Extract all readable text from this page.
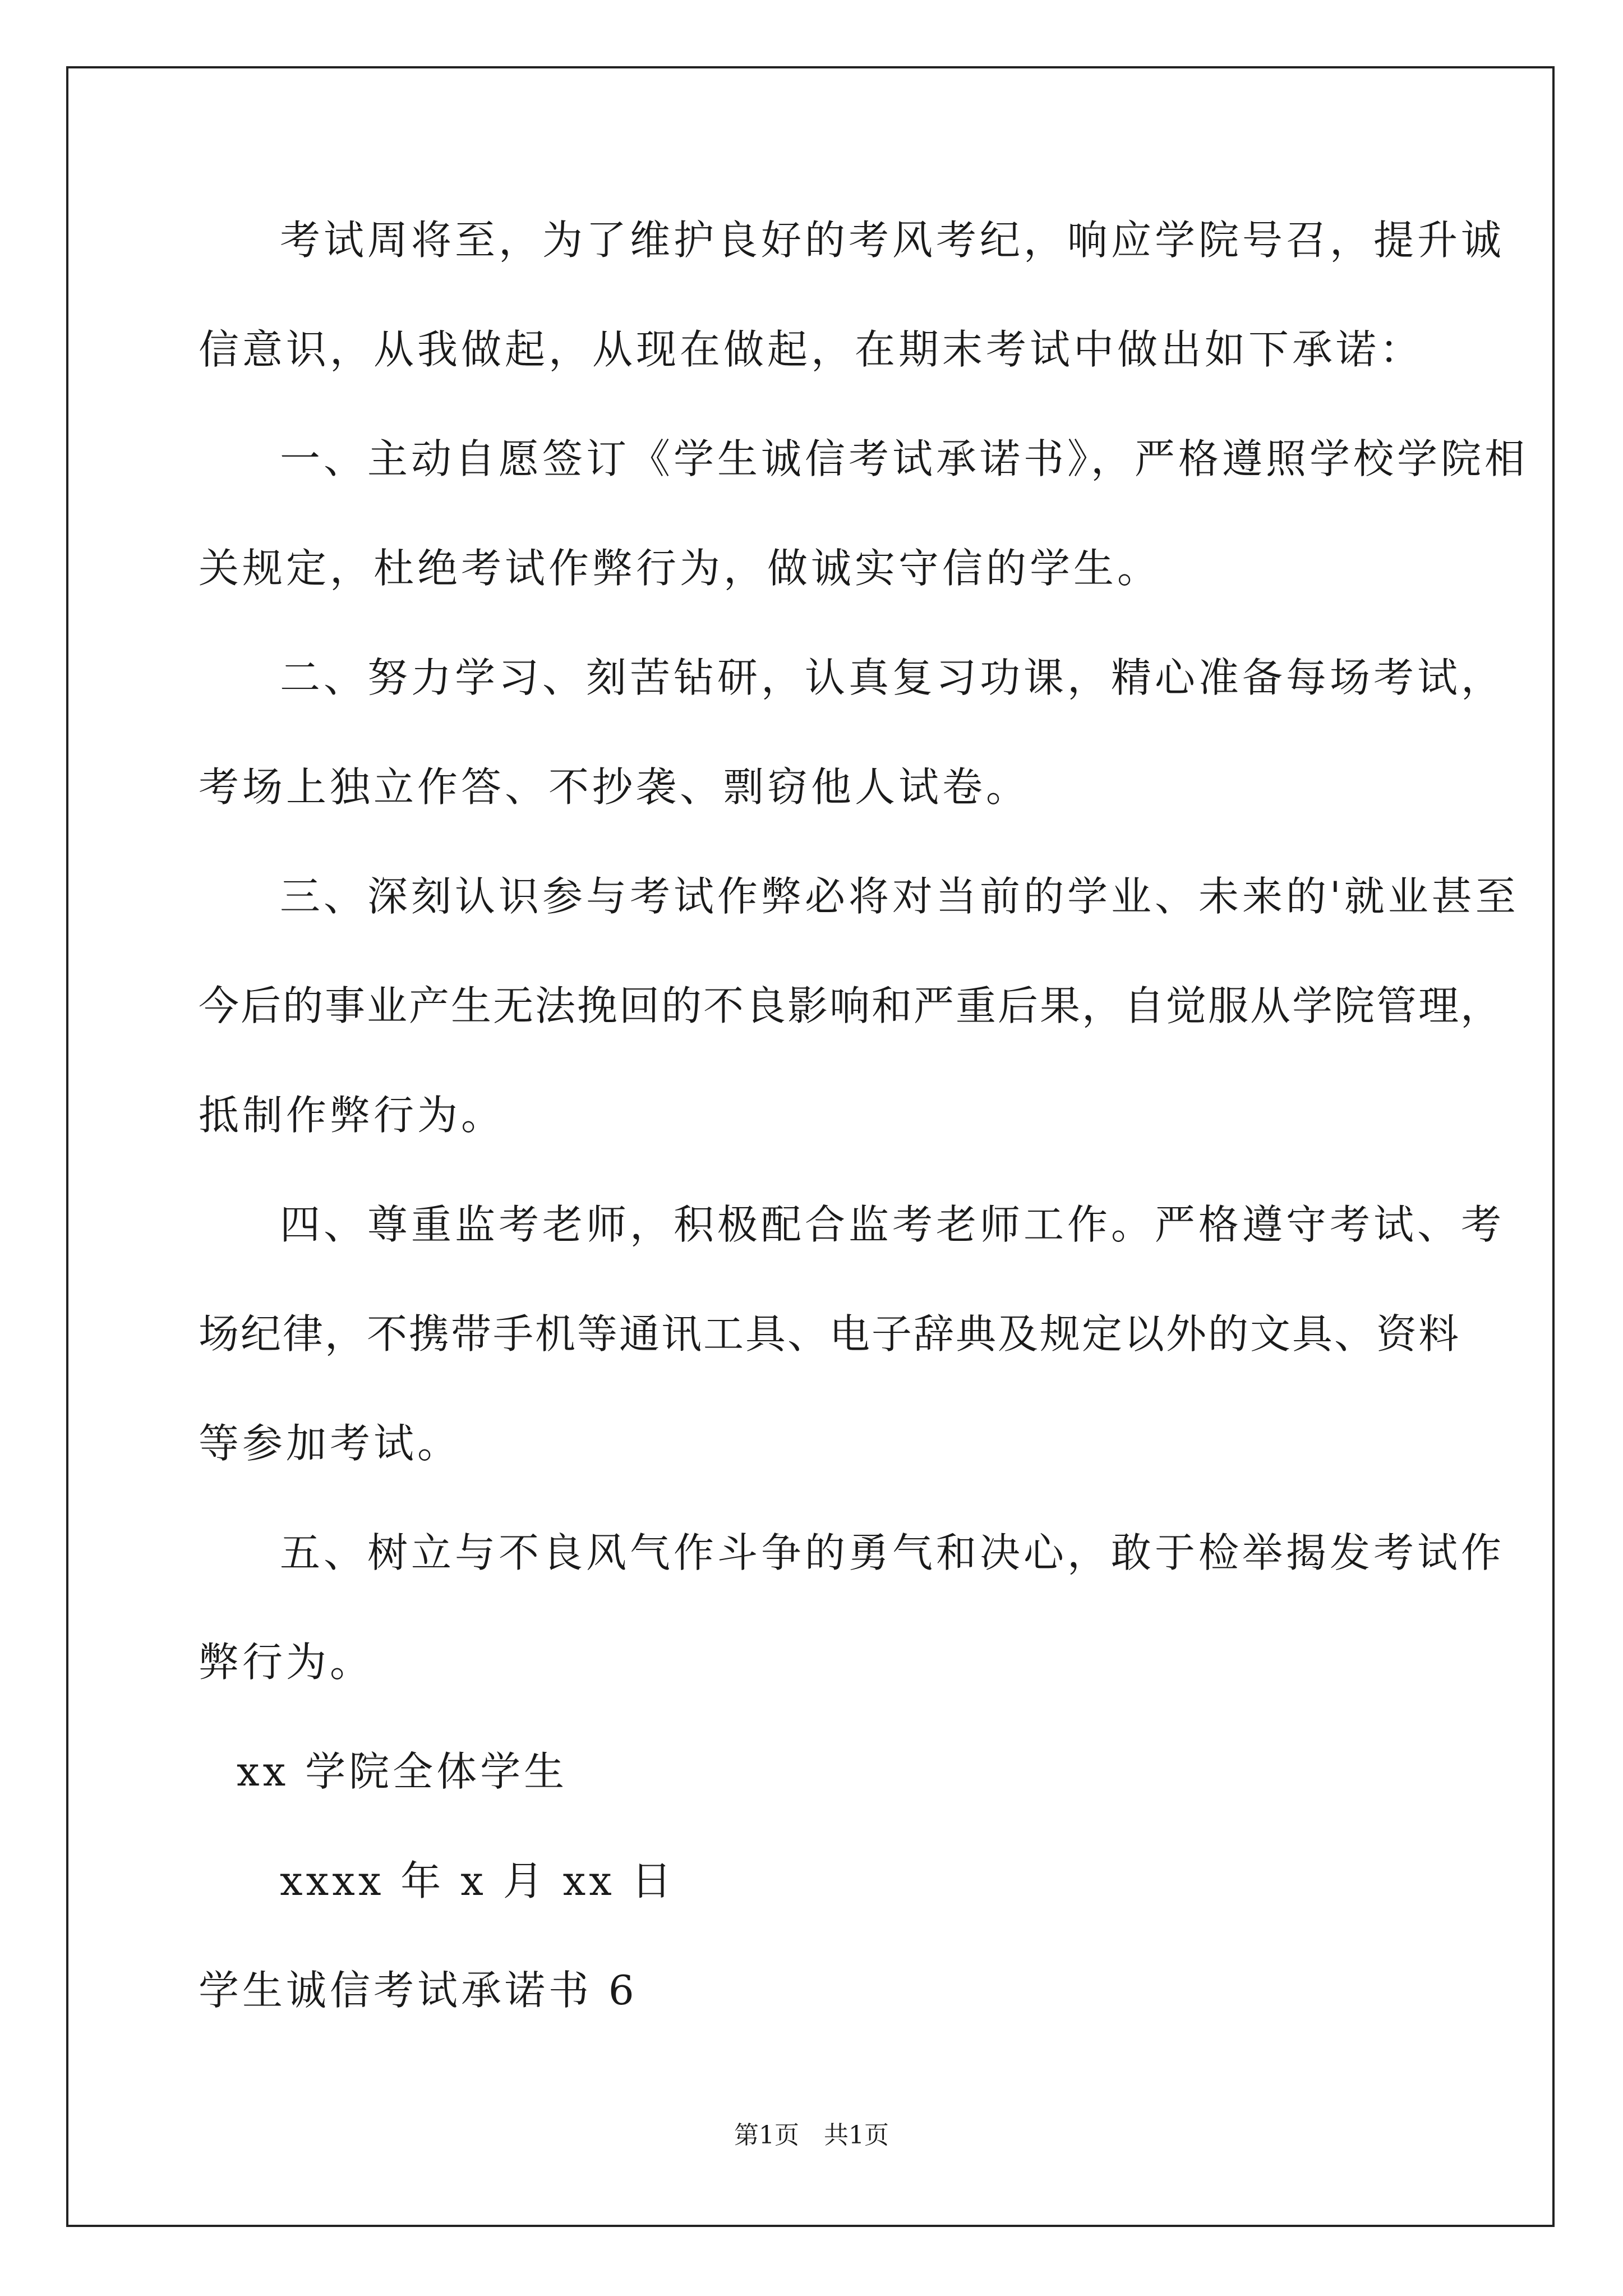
考试周将至，为了维护良好的考风考纪，响应学院号召，提升诚
信意识，从我做起，从现在做起，在期末考试中做出如下承诺：
一、主动自愿签订《学生诚信考试承诺书》，严格遵照学校学院相
关规定，杜绝考试作弊行为，做诚实守信的学生。
二、努力学习、刻苦钻研，认真复习功课，精心准备每场考试，
考场上独立作答、不抄袭、剽窃他人试卷。
三、深刻认识参与考试作弊必将对当前的学业、未来的'就业甚至
今后的事业产生无法挽回的不良影响和严重后果，自觉服从学院管理，
抵制作弊行为。
四、尊重监考老师，积极配合监考老师工作。严格遵守考试、考
场纪律，不携带手机等通讯工具、电子辞典及规定以外的文具、资料
等参加考试。
五、树立与不良风气作斗争的勇气和决心，敢于检举揭发考试作
弊行为。
xx 学院全体学生
xxxx 年 x 月 xx 日
学生诚信考试承诺书 6
第1页　共1页
